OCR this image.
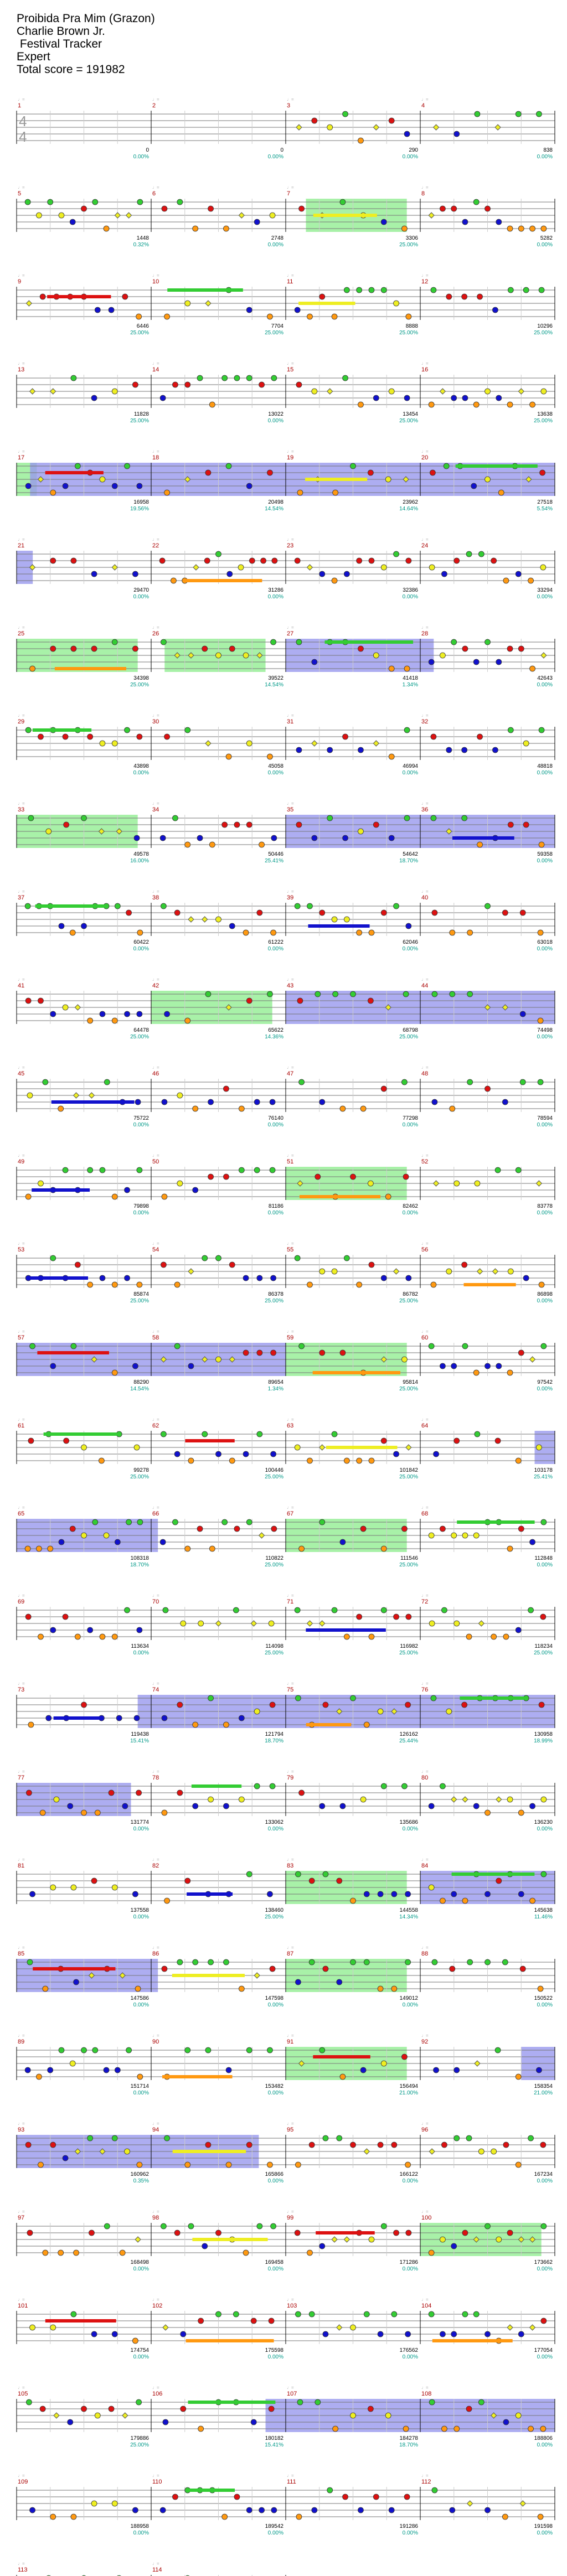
Proibida Pra Mim (Grazon)
Charlie Brown Jr.
Festival Tracker
Expert
Total score = 191982
1
♩=
0
0.00%
2
♩=
0
0.00%
3
♩=
290
0.00%
4
♩=
838
0.00%
5
♩=
1448
0.32%
6
♩=
2748
0.00%
7
♩=
3306
25.00%
8
♩=
5282
0.00%
9
♩=
6446
25.00%
10
♩=
7704
25.00%
11
♩=
8888
25.00%
12
♩=
10296
25.00%
13
♩=
11828
25.00%
14
♩=
13022
0.00%
15
♩=
13454
25.00%
16
♩=
13638
25.00%
17
♩=
16958
19.56%
18
♩=
20498
14.54%
19
♩=
23962
14.64%
20
♩=
27518
5.54%
21
♩=
29470
0.00%
22
♩=
31286
0.00%
23
♩=
32386
0.00%
24
♩=
33294
0.00%
25
♩=
34398
25.00%
26
♩=
39522
14.54%
27
♩=
41418
1.34%
28
♩=
42643
0.00%
29
♩=
43898
0.00%
30
♩=
45058
0.00%
31
♩=
46994
0.00%
32
♩=
48818
0.00%
33
♩=
49578
16.00%
34
♩=
50446
25.41%
35
♩=
54642
18.70%
36
♩=
59358
0.00%
37
♩=
60422
0.00%
38
♩=
61222
0.00%
39
♩=
62046
0.00%
40
♩=
63018
0.00%
41
♩=
64478
25.00%
42
♩=
65622
14.36%
43
♩=
68798
25.00%
44
♩=
74498
0.00%
45
♩=
75722
0.00%
46
♩=
76140
0.00%
47
♩=
77298
0.00%
48
♩=
78594
0.00%
49
♩=
79898
0.00%
50
♩=
81186
0.00%
51
♩=
82462
0.00%
52
♩=
83778
0.00%
53
♩=
85874
25.00%
54
♩=
86378
25.00%
55
♩=
86782
25.00%
56
♩=
86898
0.00%
57
♩=
88290
14.54%
58
♩=
89654
1.34%
59
♩=
95814
25.00%
60
♩=
97542
0.00%
61
♩=
99278
25.00%
62
♩=
100446
25.00%
63
♩=
101842
25.00%
64
♩=
103178
25.41%
65
♩=
108318
18.70%
66
♩=
110822
25.00%
67
♩=
111546
25.00%
68
♩=
112848
0.00%
69
♩=
113634
0.00%
70
♩=
114098
25.00%
71
♩=
116982
25.00%
72
♩=
118234
25.00%
73
♩=
119438
15.41%
74
♩=
121794
18.70%
75
♩=
126162
25.44%
76
♩=
130958
18.99%
77
♩=
131774
0.00%
78
♩=
133062
0.00%
79
♩=
135686
0.00%
80
♩=
136230
0.00%
81
♩=
137558
0.00%
82
♩=
138460
25.00%
83
♩=
144558
14.34%
84
♩=
145638
11.46%
85
♩=
147586
0.00%
86
♩=
147598
0.00%
87
♩=
149012
0.00%
88
♩=
150522
0.00%
89
♩=
151714
0.00%
90
♩=
153482
0.00%
91
♩=
156494
21.00%
92
♩=
158354
21.00%
93
♩=
160962
0.35%
94
♩=
165866
0.00%
95
♩=
166122
0.00%
96
♩=
167234
0.00%
97
♩=
168498
0.00%
98
♩=
169458
0.00%
99
♩=
171286
0.00%
100
♩=
173662
0.00%
101
♩=
174754
0.00%
102
♩=
175598
0.00%
103
♩=
176562
0.00%
104
♩=
177054
0.00%
105
♩=
179886
25.00%
106
♩=
180182
15.41%
107
♩=
184278
18.70%
108
♩=
188806
0.00%
109
♩=
188958
0.00%
110
♩=
189542
0.00%
111
♩=
191286
0.00%
112
♩=
191598
0.00%
113
♩=
114
♩=
4
4
